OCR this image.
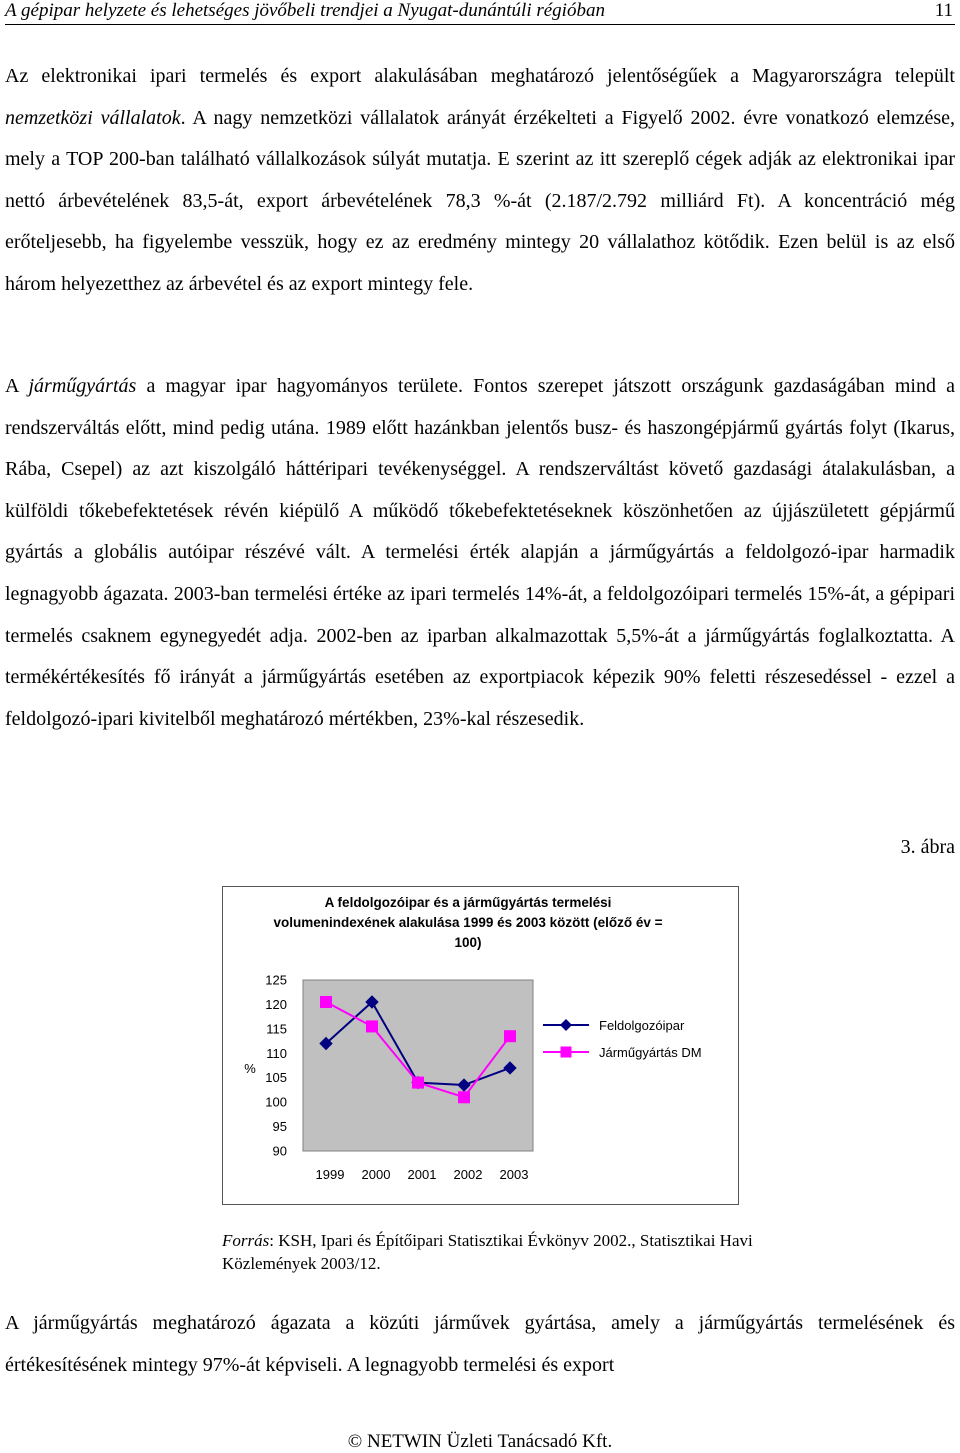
A gépipar helyzete és lehetséges jövőbeli trendjei a Nyugat-dunántúli régióban	11

Az elektronikai ipari termelés és export alakulásában meghatározó jelentőségűek a Magyarországra települt nemzetközi vállalatok. A nagy nemzetközi vállalatok arányát érzékelteti a Figyelő 2002. évre vonatkozó elemzése, mely a TOP 200-ban található vállalkozások súlyát mutatja. E szerint az itt szereplő cégek adják az elektronikai ipar nettó árbevételének 83,5-át, export árbevételének 78,3 %-át (2.187/2.792 milliárd Ft). A koncentráció még erőteljesebb, ha figyelembe vesszük, hogy ez az eredmény mintegy 20 vállalathoz kötődik. Ezen belül is az első három helyezetthez az árbevétel és az export mintegy fele.

A járműgyártás a magyar ipar hagyományos területe. Fontos szerepet játszott országunk gazdaságában mind a rendszerváltás előtt, mind pedig utána. 1989 előtt hazánkban jelentős busz- és haszongépjármű gyártás folyt (Ikarus, Rába, Csepel) az azt kiszolgáló háttéripari tevékenységgel. A rendszerváltást követő gazdasági átalakulásban, a külföldi tőkebefektetések révén kiépülő A működő tőkebefektetéseknek köszönhetően az újjászületett gépjármű gyártás a globális autóipar részévé vált. A termelési érték alapján a járműgyártás a feldolgozó-ipar harmadik legnagyobb ágazata. 2003-ban termelési értéke az ipari termelés 14%-át, a feldolgozóipari termelés 15%-át, a gépipari termelés csaknem egynegyedét adja. 2002-ben az iparban alkalmazottak 5,5%-át a járműgyártás foglalkoztatta. A termékértékesítés fő irányát a járműgyártás esetében az exportpiacok képezik 90% feletti részesedéssel - ezzel a feldolgozó-ipari kivitelből meghatározó mértékben, 23%-kal részesedik.

3. ábra
A feldolgozóipar és a járműgyártás termelési volumenindexének alakulása 1999 és 2003 között (előző év = 100)
125
120
115
110
105
100
95
90
%
1999 2000 2001 2002 2003
Feldolgozóipar
Járműgyártás DM
Forrás: KSH, Ipari és Építőipari Statisztikai Évkönyv 2002., Statisztikai Havi Közlemények 2003/12.

A járműgyártás meghatározó ágazata a közúti járművek gyártása, amely a járműgyártás termelésének és értékesítésének mintegy 97%-át képviseli. A legnagyobb termelési és export

© NETWIN Üzleti Tanácsadó Kft.
